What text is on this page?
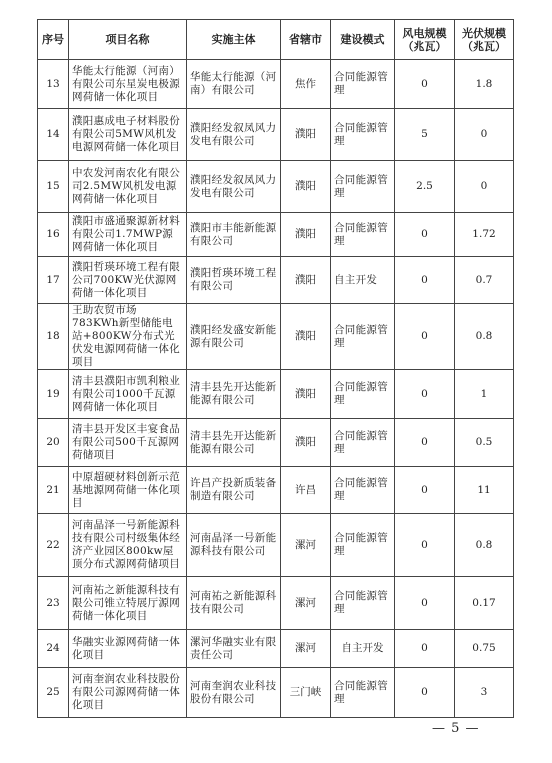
序号	项目名称	实施主体	省辖市	建设模式	风电规模（兆瓦）	光伏规模（兆瓦）
13	华能太行能源（河南）有限公司东星炭电极源网荷储一体化项目	华能太行能源（河南）有限公司	焦作	合同能源管理	0	1.8
14	濮阳惠成电子材料股份有限公司5MW风机发电源网荷储一体化项目	濮阳经发叙凤风力发电有限公司	濮阳	合同能源管理	5	0
15	中农发河南农化有限公司2.5MW风机发电源网荷储一体化项目	濮阳经发叙凤风力发电有限公司	濮阳	合同能源管理	2.5	0
16	濮阳市盛通聚源新材料有限公司1.7MWP源网荷储一体化项目	濮阳市丰能新能源有限公司	濮阳	合同能源管理	0	1.72
17	濮阳哲瑛环境工程有限公司700KW光伏源网荷储一体化项目	濮阳哲瑛环境工程有限公司	濮阳	自主开发	0	0.7
18	王助农贸市场783KWh新型储能电站+800KW分布式光伏发电源网荷储一体化项目	濮阳经发盛安新能源有限公司	濮阳	合同能源管理	0	0.8
19	清丰县濮阳市凯利粮业有限公司1000千瓦源网荷储一体化项目	清丰县先开达能新能源有限公司	濮阳	合同能源管理	0	1
20	清丰县开发区丰宴食品有限公司500千瓦源网荷储项目	清丰县先开达能新能源有限公司	濮阳	合同能源管理	0	0.5
21	中原超硬材料创新示范基地源网荷储一体化项目	许昌产投新质装备制造有限公司	许昌	合同能源管理	0	11
22	河南晶泽一号新能源科技有限公司村级集体经济产业园区800kw屋顶分布式源网荷储项目	河南晶泽一号新能源科技有限公司	漯河	合同能源管理	0	0.8
23	河南祐之新能源科技有限公司锥立特展厅源网荷储一体化项目	河南祐之新能源科技有限公司	漯河	合同能源管理	0	0.17
24	华融实业源网荷储一体化项目	漯河华融实业有限责任公司	漯河	自主开发	0	0.75
25	河南奎润农业科技股份有限公司源网荷储一体化项目	河南奎润农业科技股份有限公司	三门峡	合同能源管理	0	3
— 5 —
